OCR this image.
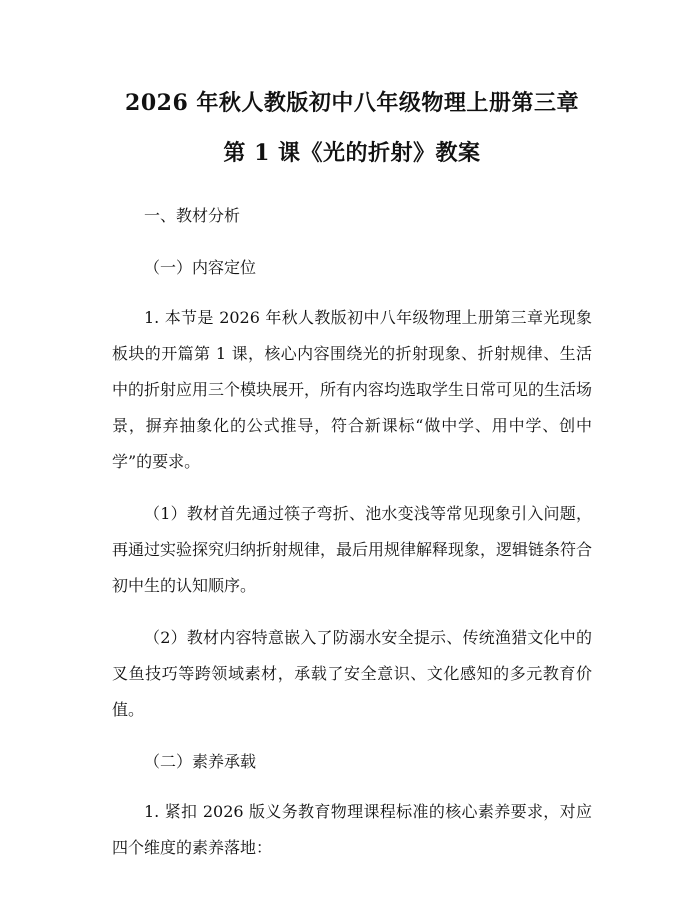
2026 年秋人教版初中八年级物理上册第三章
第 1 课《光的折射》教案
一、教材分析
（一）内容定位

1. 本节是 2026 年秋人教版初中八年级物理上册第三章光现象板块的开篇第 1 课，核心内容围绕光的折射现象、折射规律、生活中的折射应用三个模块展开，所有内容均选取学生日常可见的生活场景，摒弃抽象化的公式推导，符合新课标“做中学、用中学、创中学”的要求。

（1）教材首先通过筷子弯折、池水变浅等常见现象引入问题，再通过实验探究归纳折射规律，最后用规律解释现象，逻辑链条符合初中生的认知顺序。

（2）教材内容特意嵌入了防溺水安全提示、传统渔猎文化中的叉鱼技巧等跨领域素材，承载了安全意识、文化感知的多元教育价值。

（二）素养承载

1. 紧扣 2026 版义务教育物理课程标准的核心素养要求，对应四个维度的素养落地：
